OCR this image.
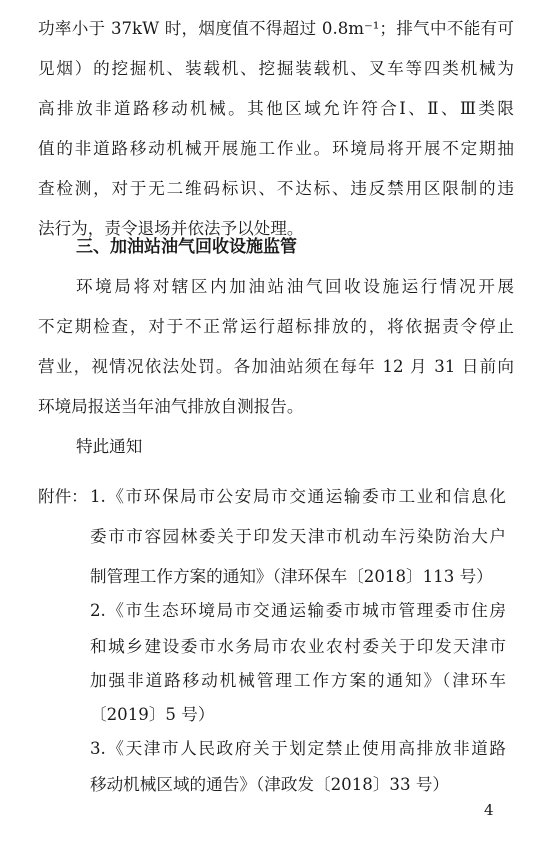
功率小于 37kW 时，烟度值不得超过 0.8m⁻¹；排气中不能有可
见烟）的挖掘机、装载机、挖掘装载机、叉车等四类机械为
高排放非道路移动机械。其他区域允许符合Ⅰ、Ⅱ、Ⅲ类限
值的非道路移动机械开展施工作业。环境局将开展不定期抽
查检测，对于无二维码标识、不达标、违反禁用区限制的违
法行为，责令退场并依法予以处理。
三、加油站油气回收设施监管
环境局将对辖区内加油站油气回收设施运行情况开展
不定期检查，对于不正常运行超标排放的，将依据责令停止
营业，视情况依法处罚。各加油站须在每年 12 月 31 日前向
环境局报送当年油气排放自测报告。
特此通知
附件： 1.《市环保局市公安局市交通运输委市工业和信息化
委市市容园林委关于印发天津市机动车污染防治大户
制管理工作方案的通知》（津环保车〔2018〕113 号）
2.《市生态环境局市交通运输委市城市管理委市住房
和城乡建设委市水务局市农业农村委关于印发天津市
加强非道路移动机械管理工作方案的通知》（津环车
〔2019〕5 号）
3.《天津市人民政府关于划定禁止使用高排放非道路
移动机械区域的通告》（津政发〔2018〕33 号）
4
